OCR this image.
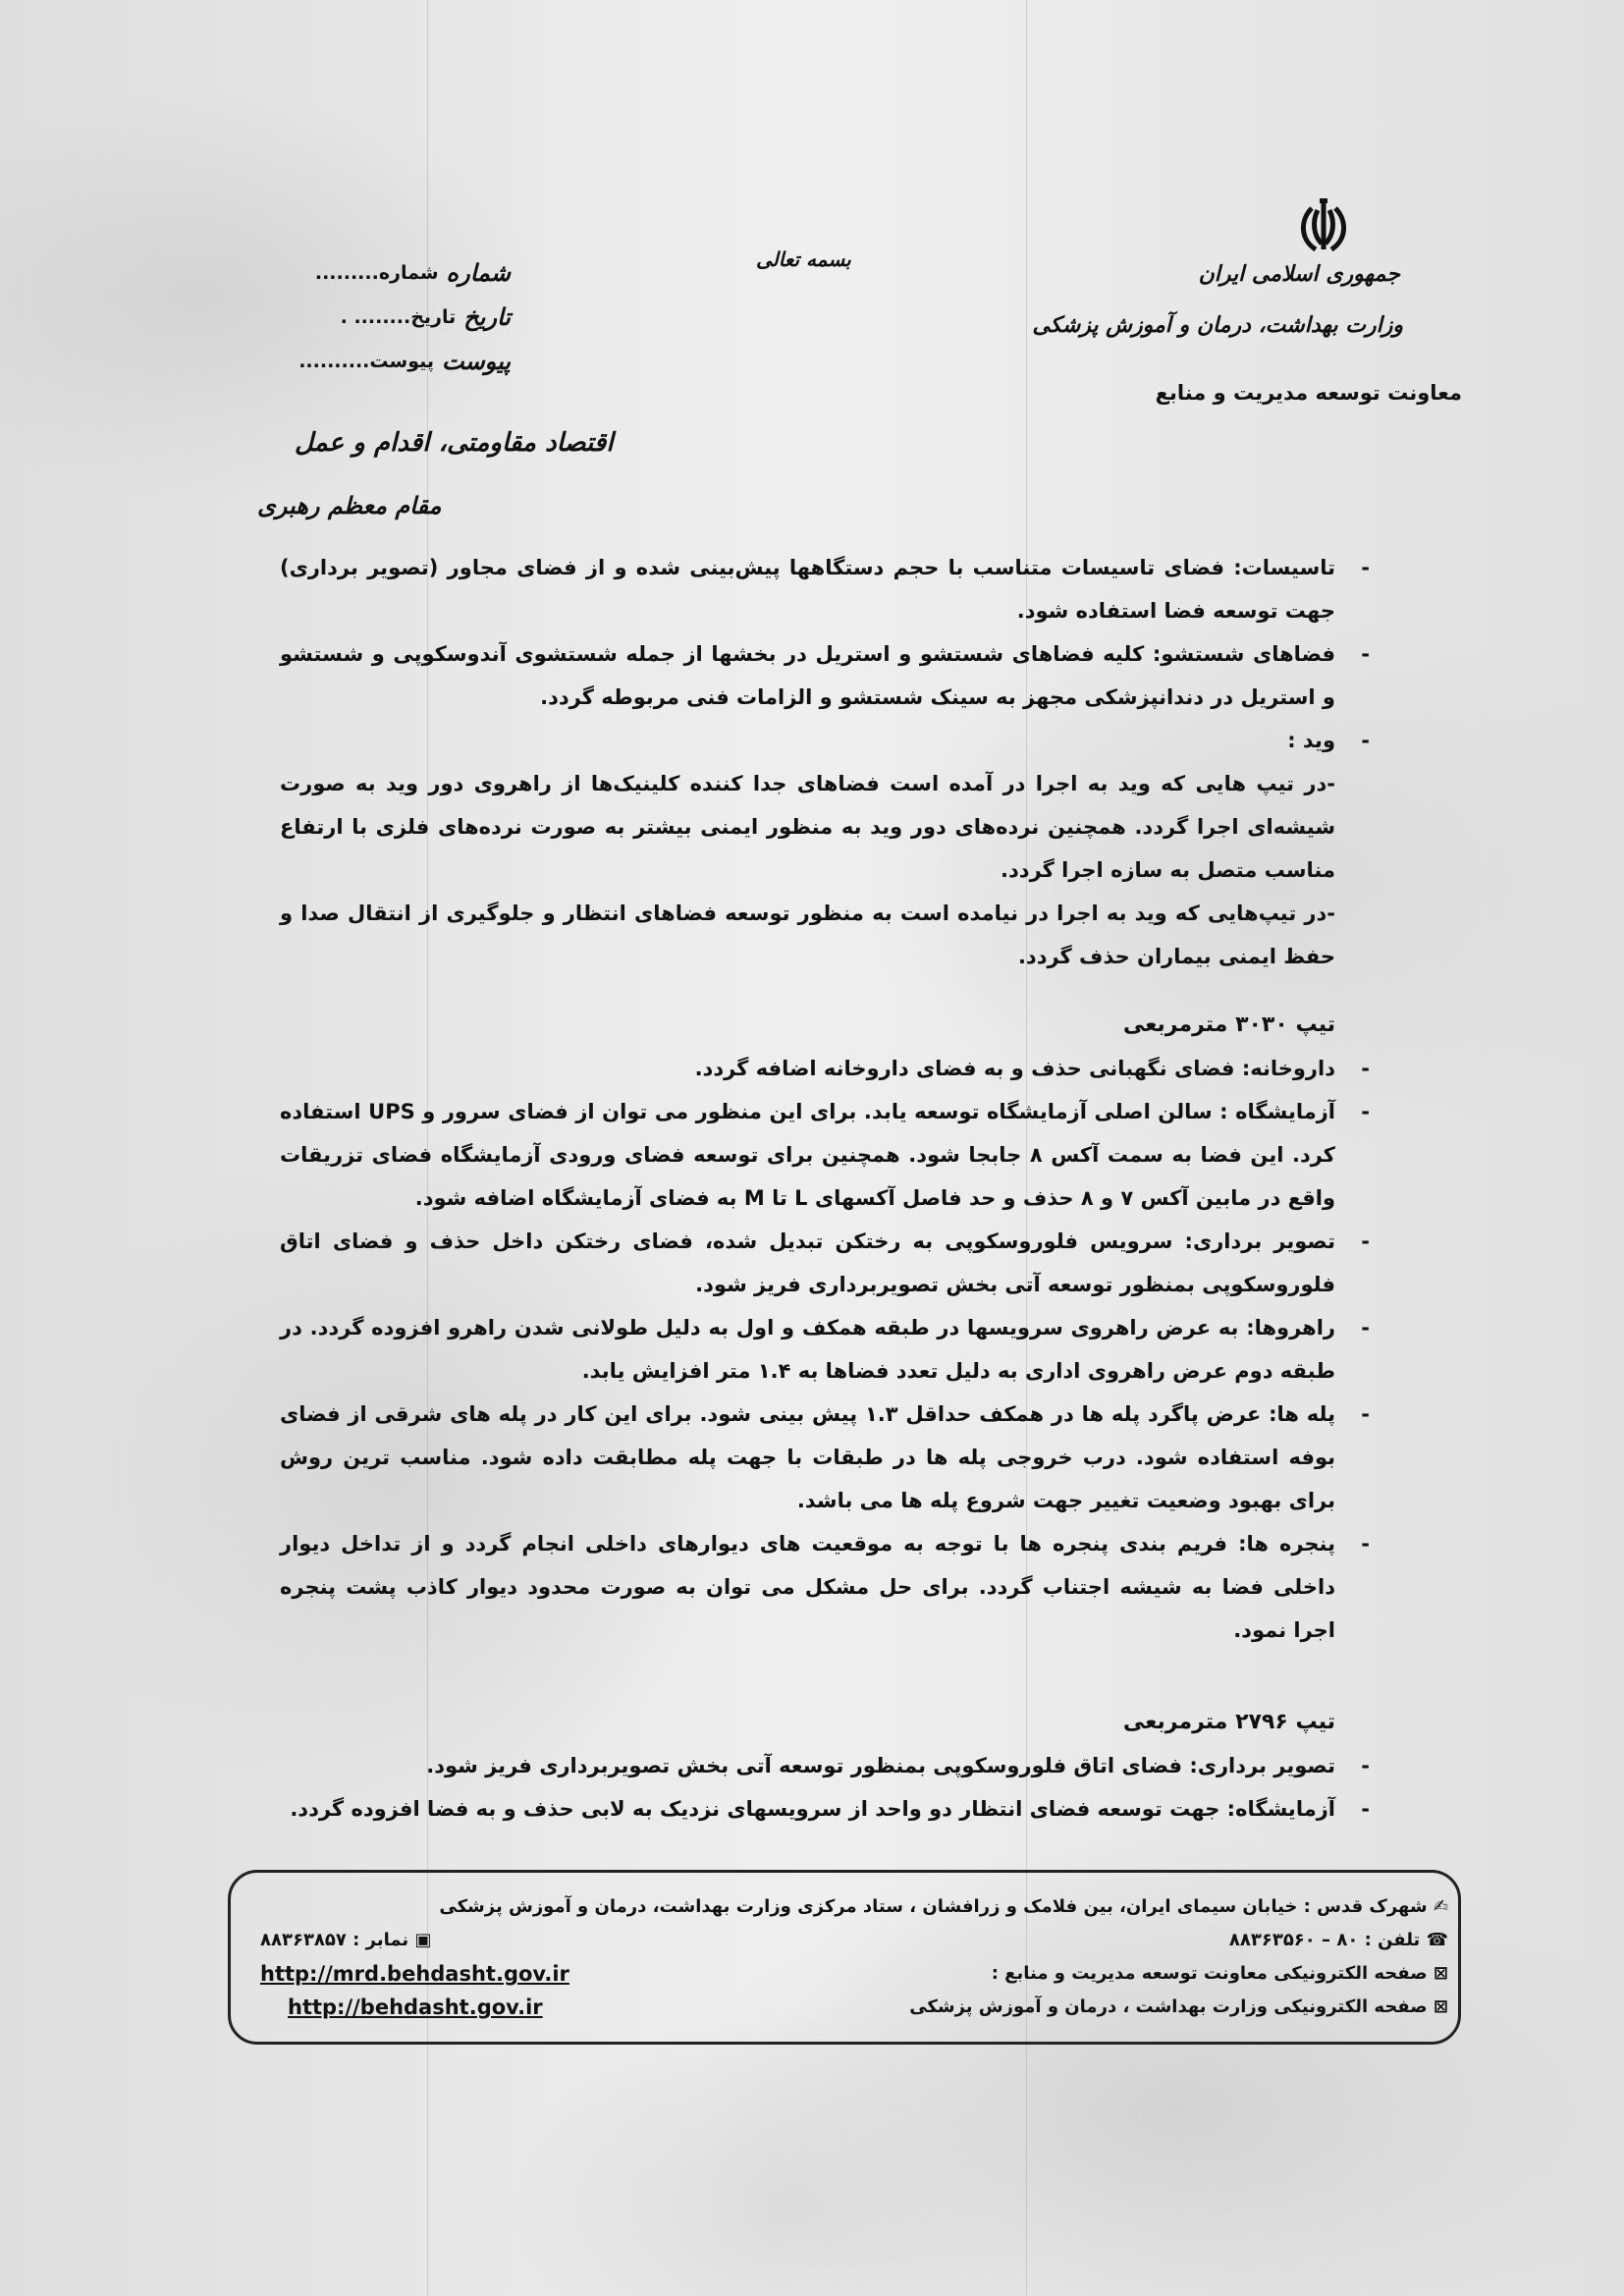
جمهوری اسلامی ایران
وزارت بهداشت، درمان و آموزش پزشکی
معاونت توسعه مدیریت و منابع
بسمه تعالی
شماره
شماره.........
تاریخ
تاریخ........ .
پیوست
پیوست..........
اقتصاد مقاومتی، اقدام و عمل
مقام معظم رهبری

-
تاسیسات: فضای تاسیسات متناسب با حجم دستگاهها پیش‌بینی شده و از فضای مجاور (تصویر برداری) جهت توسعه فضا استفاده شود.

-
فضاهای شستشو: کلیه فضاهای شستشو و استریل در بخشها از جمله شستشوی آندوسکوپی و شستشو و استریل در دندانپزشکی مجهز به سینک شستشو و الزامات فنی مربوطه گردد.

-
وید :

-در تیپ هایی که وید به اجرا در آمده است فضاهای جدا کننده کلینیک‌ها از راهروی دور وید به صورت شیشه‌ای اجرا گردد. همچنین نرده‌های دور وید به منظور ایمنی بیشتر به صورت نرده‌های فلزی با ارتفاع مناسب متصل به سازه اجرا گردد.

-در تیپ‌هایی که وید به اجرا در نیامده است به منظور توسعه فضاهای انتظار و جلوگیری از انتقال صدا و حفظ ایمنی بیماران حذف گردد.

تیپ ۳۰۳۰ مترمربعی

-
داروخانه: فضای نگهبانی حذف و به فضای داروخانه اضافه گردد.

-
آزمایشگاه : سالن اصلی آزمایشگاه توسعه یابد. برای این منظور می توان از فضای سرور و UPS استفاده کرد. این فضا به سمت آکس ۸ جابجا شود. همچنین برای توسعه فضای ورودی آزمایشگاه فضای تزریقات واقع در مابین آکس ۷ و ۸ حذف و حد فاصل آکسهای L تا M به فضای آزمایشگاه اضافه شود.

-
تصویر برداری: سرویس فلوروسکوپی به رختکن تبدیل شده، فضای رختکن داخل حذف و فضای اتاق فلوروسکوپی بمنظور توسعه آتی بخش تصویربرداری فریز شود.

-
راهروها: به عرض راهروی سرویسها در طبقه همکف و اول به دلیل طولانی شدن راهرو افزوده گردد. در طبقه دوم عرض راهروی اداری به دلیل تعدد فضاها به ۱.۴ متر افزایش یابد.

-
پله ها: عرض پاگرد پله ها در همکف حداقل ۱.۳ پیش بینی شود. برای این کار در پله های شرقی از فضای بوفه استفاده شود. درب خروجی پله ها در طبقات با جهت پله مطابقت داده شود. مناسب ترین روش برای بهبود وضعیت تغییر جهت شروع پله ها می باشد.

-
پنجره ها: فریم بندی پنجره ها با توجه به موقعیت های دیوارهای داخلی انجام گردد و از تداخل دیوار داخلی فضا به شیشه اجتناب گردد. برای حل مشکل می توان به صورت محدود دیوار کاذب پشت پنجره اجرا نمود.

تیپ ۲۷۹۶ مترمربعی

-
تصویر برداری: فضای اتاق فلوروسکوپی بمنظور توسعه آتی بخش تصویربرداری فریز شود.

-
آزمایشگاه: جهت توسعه فضای انتظار دو واحد از سرویسهای نزدیک به لابی حذف و به فضا افزوده گردد.

✍ شهرک قدس : خیابان سیمای ایران، بین فلامک و زرافشان ، ستاد مرکزی وزارت بهداشت، درمان و آموزش پزشکی
☎ تلفن : ۸۰ – ۸۸۳۶۳۵۶۰
▣ نمابر : ۸۸۳۶۳۸۵۷
⊠ صفحه الکترونیکی معاونت توسعه مدیریت و منابع :
http://mrd.behdasht.gov.ir
⊠ صفحه الکترونیکی وزارت بهداشت ، درمان و آموزش پزشکی
http://behdasht.gov.ir
